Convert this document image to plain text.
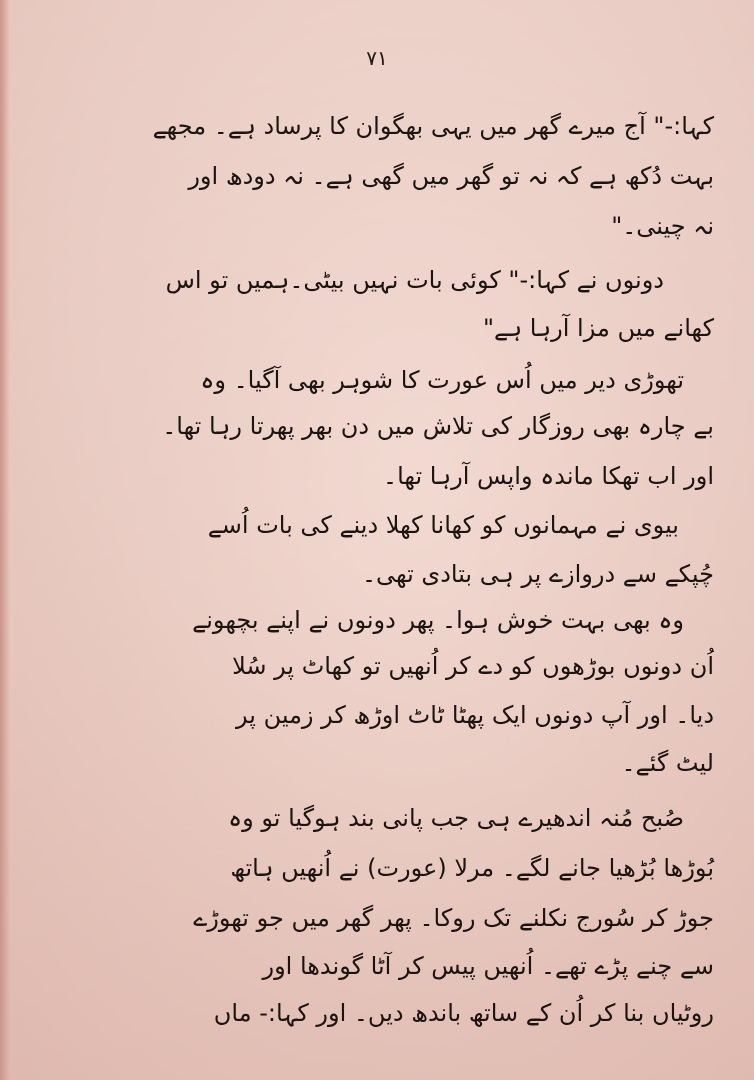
۷۱
کہا:-" آج میرے گھر میں یہی بھگوان کا پرساد ہے۔ مجھے
بہت دُکھ ہے کہ نہ تو گھر میں گھی ہے۔ نہ دودھ اور
نہ چینی۔"
دونوں نے کہا:-" کوئی بات نہیں بیٹی۔ہمیں تو اس
کھانے میں مزا آرہا ہے"
تھوڑی دیر میں اُس عورت کا شوہر بھی آگیا۔ وہ
بے چارہ بھی روزگار کی تلاش میں دن بھر پھرتا رہا تھا۔
اور اب تھکا ماندہ واپس آرہا تھا۔
بیوی نے مہمانوں کو کھانا کھلا دینے کی بات اُسے
چُپکے سے دروازے پر ہی بتادی تھی۔
وہ بھی بہت خوش ہوا۔ پھر دونوں نے اپنے بچھونے
اُن دونوں بوڑھوں کو دے کر اُنھیں تو کھاٹ پر سُلا
دیا۔ اور آپ دونوں ایک پھٹا ٹاٹ اوڑھ کر زمین پر
لیٹ گئے۔
صُبح مُنہ اندھیرے ہی جب پانی بند ہوگیا تو وہ
بُوڑھا بُڑھیا جانے لگے۔ مرلا (عورت) نے اُنھیں ہاتھ
جوڑ کر سُورج نکلنے تک روکا۔ پھر گھر میں جو تھوڑے
سے چنے پڑے تھے۔ اُنھیں پیس کر آٹا گوندھا اور
روٹیاں بنا کر اُن کے ساتھ باندھ دیں۔ اور کہا:- ماں
